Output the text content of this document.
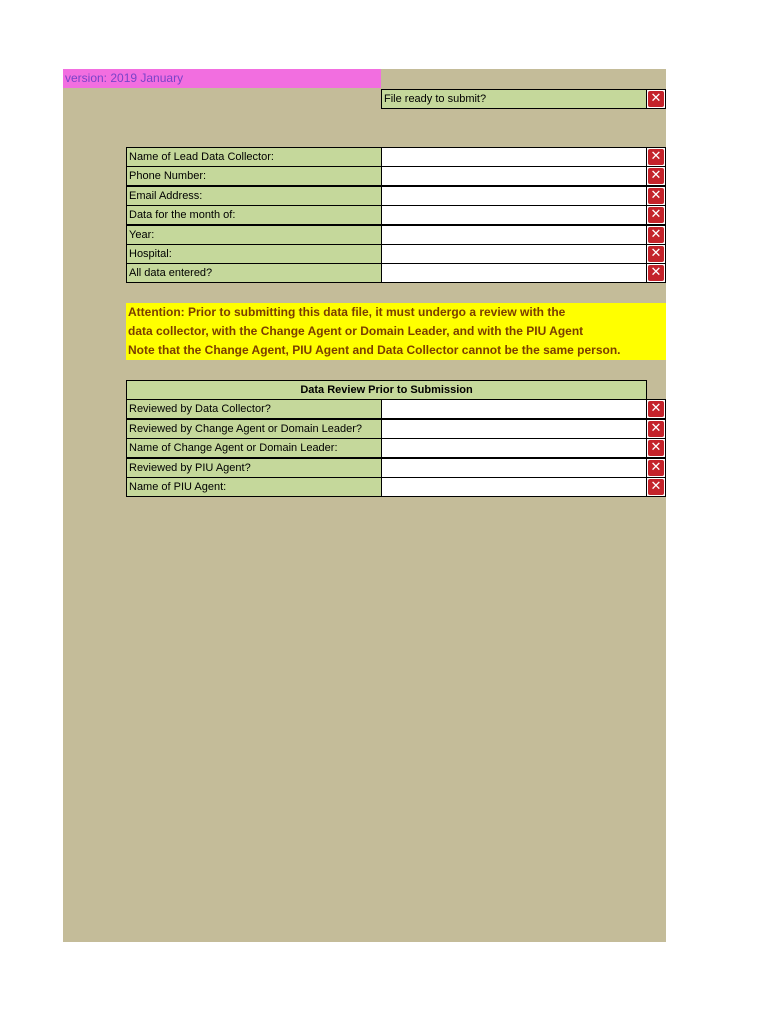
version: 2019 January
File ready to submit?	✕
Name of Lead Data Collector:	✕
Phone Number:	✕
Email Address:	✕
Data for the month of:	✕
Year:	✕
Hospital:	✕
All data entered?	✕
Attention: Prior to submitting this data file, it must undergo a review with the
data collector, with the Change Agent or Domain Leader, and with the PIU Agent
Note that the Change Agent, PIU Agent and Data Collector cannot be the same person.
Data Review Prior to Submission
Reviewed by Data Collector?	✕
Reviewed by Change Agent or Domain Leader?	✕
Name of Change Agent or Domain Leader:	✕
Reviewed by PIU Agent?	✕
Name of PIU Agent:	✕
